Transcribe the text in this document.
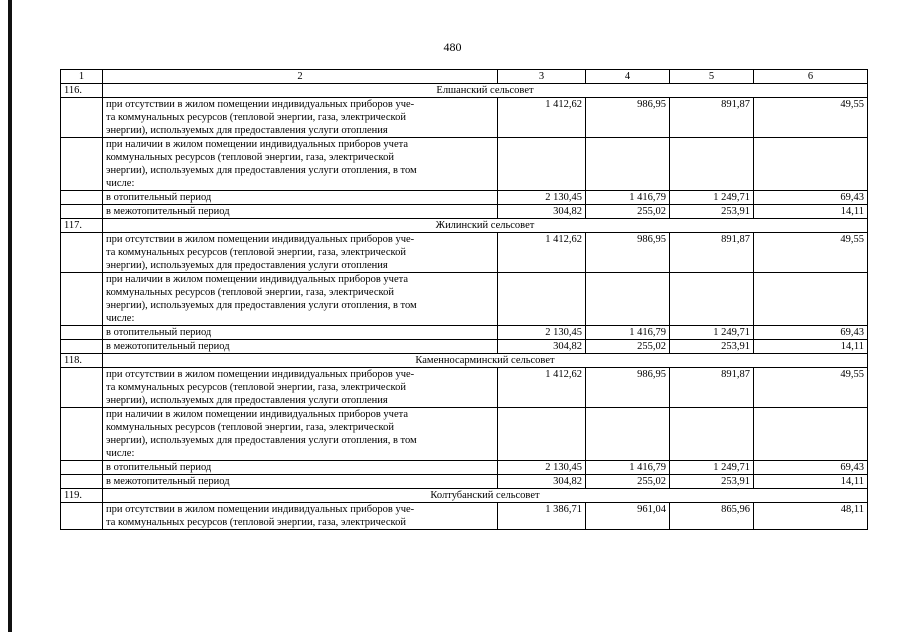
480
1	2	3	4	5	6
116.	Елшанский сельсовет				
	при отсутствии в жилом помещении индивидуальных приборов уче-
та коммунальных ресурсов (тепловой энергии, газа, электрической
энергии), используемых для предоставления услуги отопления	1 412,62	986,95	891,87	49,55
	при наличии в жилом помещении индивидуальных приборов учета
коммунальных ресурсов (тепловой энергии, газа, электрической
энергии), используемых для предоставления услуги отопления, в том
числе:				
	в отопительный период	2 130,45	1 416,79	1 249,71	69,43
	в межотопительный период	304,82	255,02	253,91	14,11
117.	Жилинский сельсовет				
	при отсутствии в жилом помещении индивидуальных приборов уче-
та коммунальных ресурсов (тепловой энергии, газа, электрической
энергии), используемых для предоставления услуги отопления	1 412,62	986,95	891,87	49,55
	при наличии в жилом помещении индивидуальных приборов учета
коммунальных ресурсов (тепловой энергии, газа, электрической
энергии), используемых для предоставления услуги отопления, в том
числе:				
	в отопительный период	2 130,45	1 416,79	1 249,71	69,43
	в межотопительный период	304,82	255,02	253,91	14,11
118.	Каменносарминский сельсовет				
	при отсутствии в жилом помещении индивидуальных приборов уче-
та коммунальных ресурсов (тепловой энергии, газа, электрической
энергии), используемых для предоставления услуги отопления	1 412,62	986,95	891,87	49,55
	при наличии в жилом помещении индивидуальных приборов учета
коммунальных ресурсов (тепловой энергии, газа, электрической
энергии), используемых для предоставления услуги отопления, в том
числе:				
	в отопительный период	2 130,45	1 416,79	1 249,71	69,43
	в межотопительный период	304,82	255,02	253,91	14,11
119.	Колтубанский сельсовет				
	при отсутствии в жилом помещении индивидуальных приборов уче-
та коммунальных ресурсов (тепловой энергии, газа, электрической	1 386,71	961,04	865,96	48,11
